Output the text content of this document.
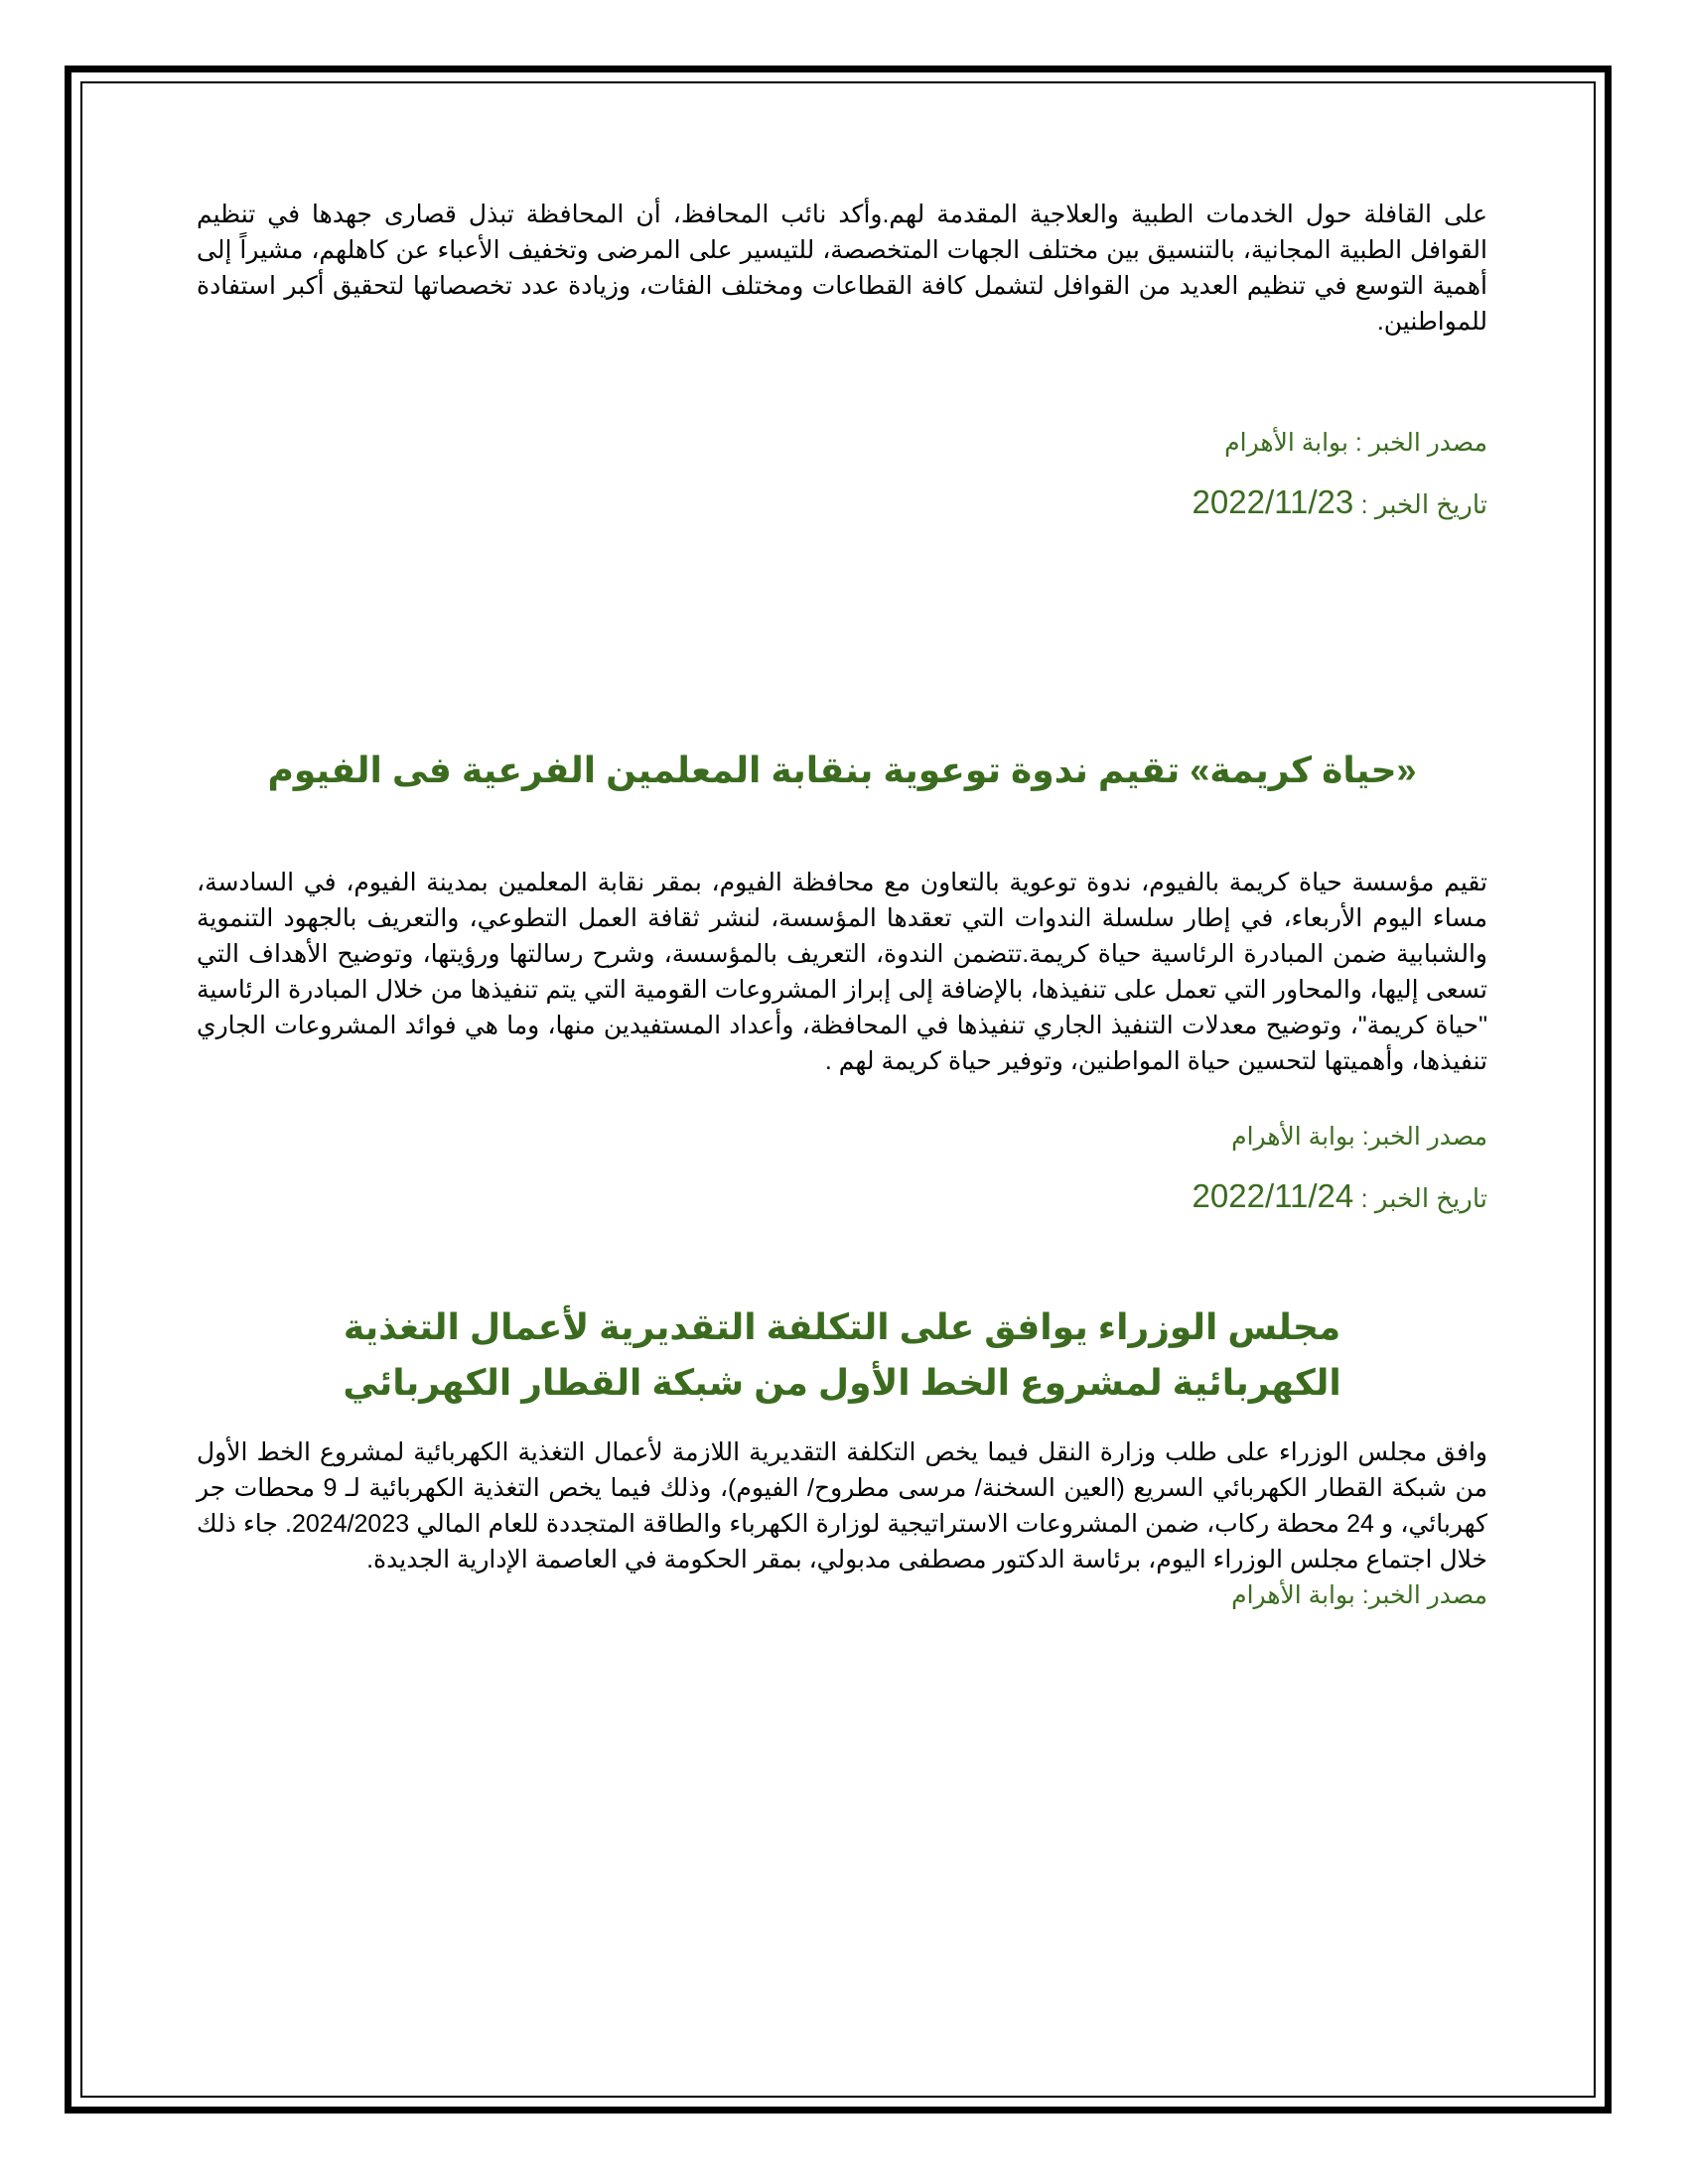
على القافلة حول الخدمات الطبية والعلاجية المقدمة لهم.وأكد نائب المحافظ، أن المحافظة تبذل قصارى جهدها في تنظيم القوافل الطبية المجانية، بالتنسيق بين مختلف الجهات المتخصصة، للتيسير على المرضى وتخفيف الأعباء عن كاهلهم، مشيراً إلى أهمية التوسع في تنظيم العديد من القوافل لتشمل كافة القطاعات ومختلف الفئات، وزيادة عدد تخصصاتها لتحقيق أكبر استفادة للمواطنين.

مصدر الخبر : بوابة الأهرام

تاريخ الخبر : 2022/11/23

«حياة كريمة» تقيم ندوة توعوية بنقابة المعلمين الفرعية فى الفيوم

تقيم مؤسسة حياة كريمة بالفيوم، ندوة توعوية بالتعاون مع محافظة الفيوم، بمقر نقابة المعلمين بمدينة الفيوم، في السادسة، مساء اليوم الأربعاء، في إطار سلسلة الندوات التي تعقدها المؤسسة، لنشر ثقافة العمل التطوعي، والتعريف بالجهود التنموية والشبابية ضمن المبادرة الرئاسية حياة كريمة.تتضمن الندوة، التعريف بالمؤسسة، وشرح رسالتها ورؤيتها، وتوضيح الأهداف التي تسعى إليها، والمحاور التي تعمل على تنفيذها، بالإضافة إلى إبراز المشروعات القومية التي يتم تنفيذها من خلال المبادرة الرئاسية "حياة كريمة"، وتوضيح معدلات التنفيذ الجاري تنفيذها في المحافظة، وأعداد المستفيدين منها، وما هي فوائد المشروعات الجاري تنفيذها، وأهميتها لتحسين حياة المواطنين، وتوفير حياة كريمة لهم .

مصدر الخبر: بوابة الأهرام

تاريخ الخبر : 2022/11/24

مجلس الوزراء يوافق على التكلفة التقديرية لأعمال التغذية الكهربائية لمشروع الخط الأول من شبكة القطار الكهربائي

وافق مجلس الوزراء على طلب وزارة النقل فيما يخص التكلفة التقديرية اللازمة لأعمال التغذية الكهربائية لمشروع الخط الأول من شبكة القطار الكهربائي السريع (العين السخنة/ مرسى مطروح/ الفيوم)، وذلك فيما يخص التغذية الكهربائية لـ 9 محطات جر كهربائي، و 24 محطة ركاب، ضمن المشروعات الاستراتيجية لوزارة الكهرباء والطاقة المتجددة للعام المالي 2024/2023. جاء ذلك خلال اجتماع مجلس الوزراء اليوم، برئاسة الدكتور مصطفى مدبولي، بمقر الحكومة في العاصمة الإدارية الجديدة.

مصدر الخبر: بوابة الأهرام
